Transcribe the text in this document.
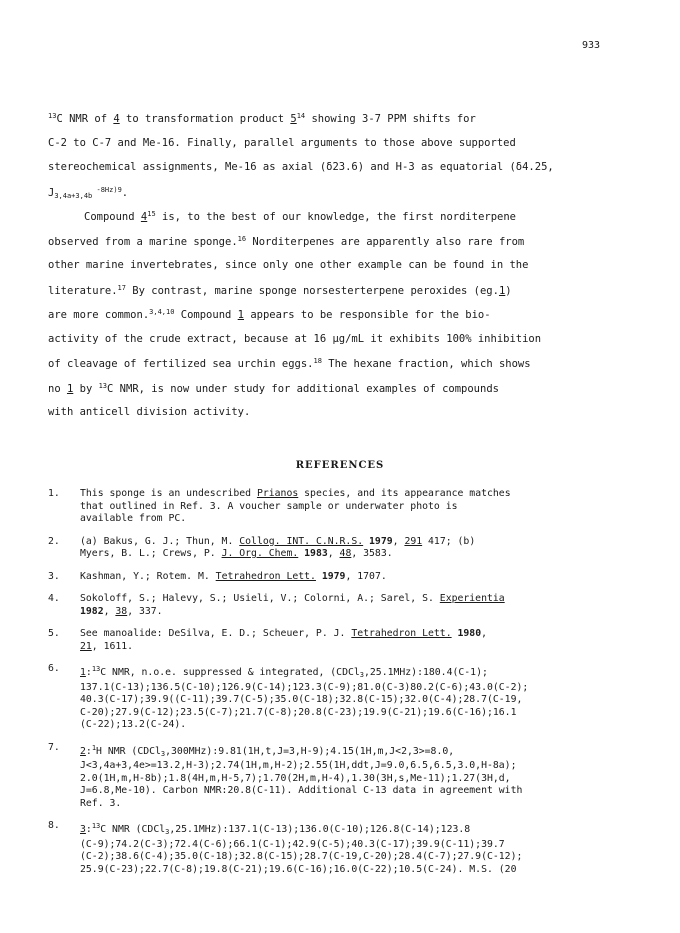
933
$^{13}$C NMR of 4 to transformation product $5^{14}$ showing 3-7 PPM shifts for
C-2 to C-7 and Me-16. Finally, parallel arguments to those above supported
stereochemical assignments, Me-16 as axial (δ23.6) and H-3 as equatorial (δ4.25,
$J_{3,4a+3,4b}$ $^{-8Hz)9}$.
Compound $4^{15}$ is, to the best of our knowledge, the first norditerpene
observed from a marine sponge.$^{16}$ Norditerpenes are apparently also rare from
other marine invertebrates, since only one other example can be found in the
literature.$^{17}$ By contrast, marine sponge norsesterterpene peroxides (eg.1)
are more common.$^{3,4,10}$ Compound 1 appears to be responsible for the bio-
activity of the crude extract, because at 16 μg/mL it exhibits 100% inhibition
of cleavage of fertilized sea urchin eggs.$^{18}$ The hexane fraction, which shows
no 1 by $^{13}$C NMR, is now under study for additional examples of compounds
with anticell division activity.
REFERENCES
1.	This sponge is an undescribed Prianos species, and its appearance matches
that outlined in Ref. 3. A voucher sample or underwater photo is
available from PC.
2.	(a) Bakus, G. J.; Thun, M. Collog. INT. C.N.R.S. 1979, 291 417; (b)
Myers, B. L.; Crews, P. J. Org. Chem. 1983, 48, 3583.
3.	Kashman, Y.; Rotem. M. Tetrahedron Lett. 1979, 1707.
4.	Sokoloff, S.; Halevy, S.; Usieli, V.; Colorni, A.; Sarel, S. Experientia
1982, 38, 337.
5.	See manoalide: DeSilva, E. D.; Scheuer, P. J. Tetrahedron Lett. 1980,
21, 1611.
6.	1:$^{13}$C NMR, n.o.e. suppressed & integrated, (CDCl$_3$,25.1MHz):180.4(C-1);
137.1(C-13);136.5(C-10);126.9(C-14);123.3(C-9);81.0(C-3)80.2(C-6);43.0(C-2);
40.3(C-17);39.9((C-11);39.7(C-5);35.0(C-18);32.8(C-15);32.0(C-4);28.7(C-19,
C-20);27.9(C-12);23.5(C-7);21.7(C-8);20.8(C-23);19.9(C-21);19.6(C-16);16.1
(C-22);13.2(C-24).
7.	2:$^1$H NMR (CDCl$_3$,300MHz):9.81(1H,t,J=3,H-9);4.15(1H,m,J<2,3>=8.0,
J<3,4a+3,4e>=13.2,H-3);2.74(1H,m,H-2);2.55(1H,ddt,J=9.0,6.5,6.5,3.0,H-8a);
2.0(1H,m,H-8b);1.8(4H,m,H-5,7);1.70(2H,m,H-4),1.30(3H,s,Me-11);1.27(3H,d,
J=6.8,Me-10). Carbon NMR:20.8(C-11). Additional C-13 data in agreement with
Ref. 3.
8.	3:$^{13}$C NMR (CDCl$_3$,25.1MHz):137.1(C-13);136.0(C-10);126.8(C-14);123.8
(C-9);74.2(C-3);72.4(C-6);66.1(C-1);42.9(C-5);40.3(C-17);39.9(C-11);39.7
(C-2);38.6(C-4);35.0(C-18);32.8(C-15);28.7(C-19,C-20);28.4(C-7);27.9(C-12);
25.9(C-23);22.7(C-8);19.8(C-21);19.6(C-16);16.0(C-22);10.5(C-24). M.S. (20
